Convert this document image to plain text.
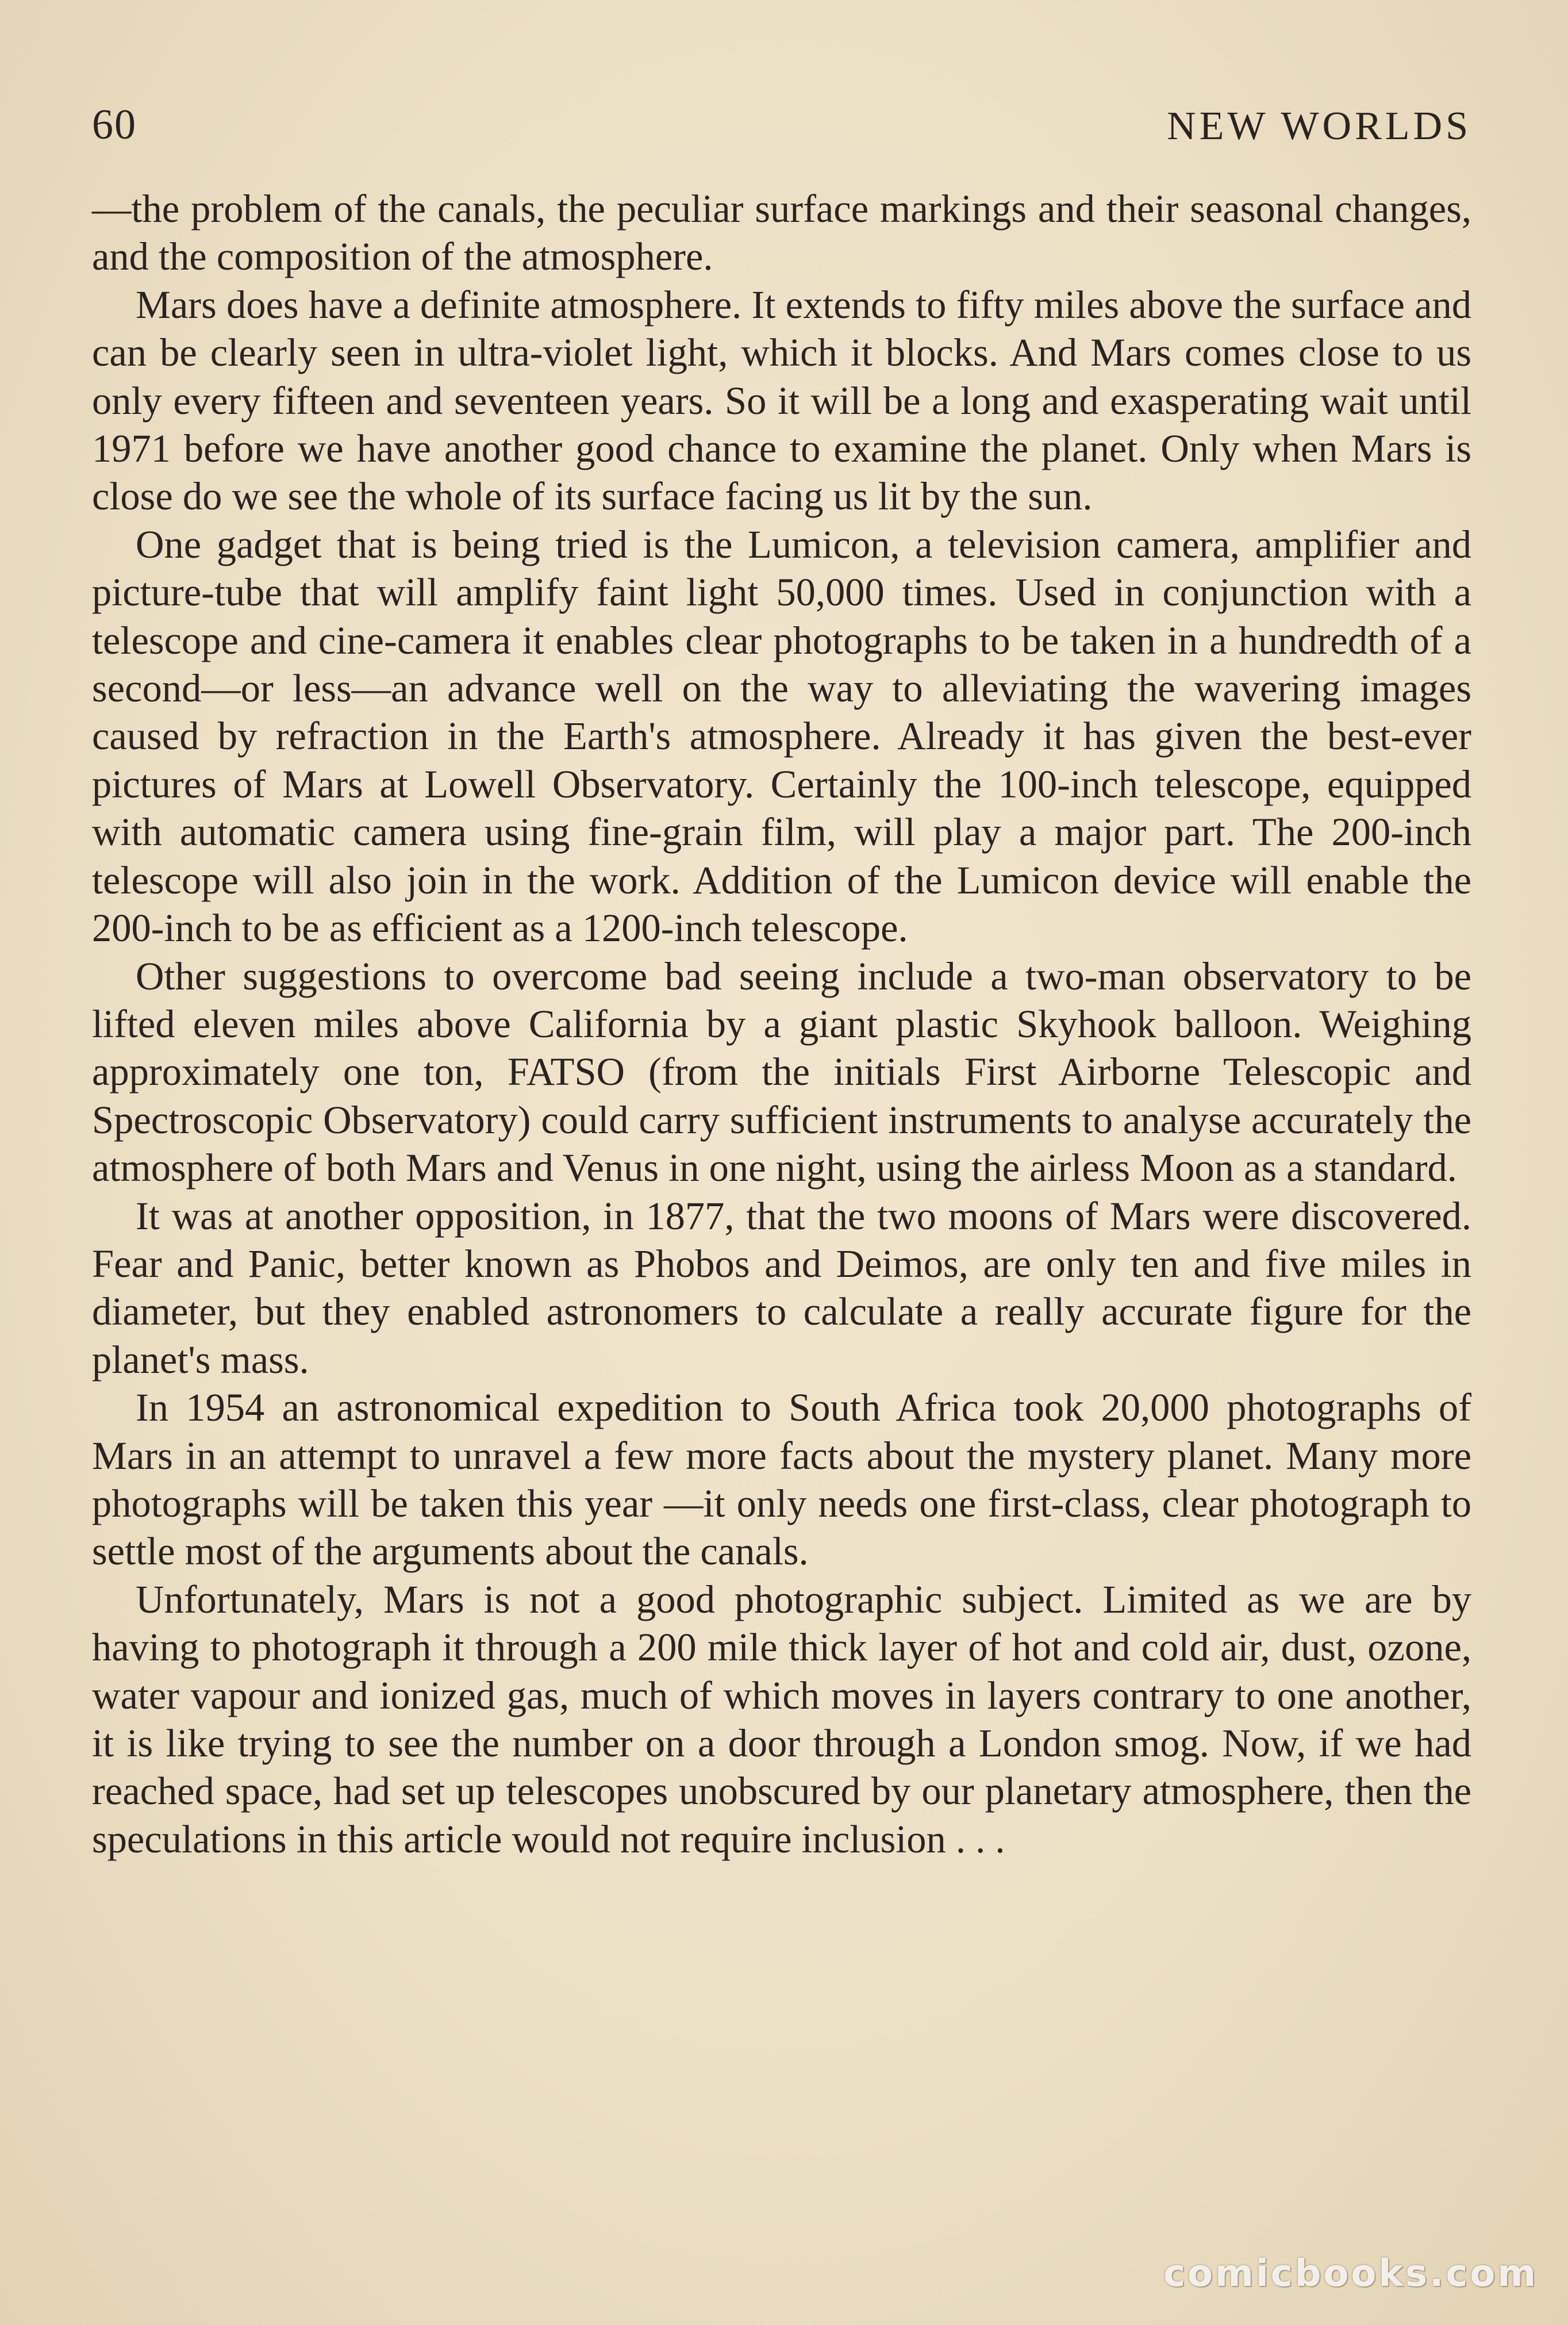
60	NEW WORLDS

—the problem of the canals, the peculiar surface markings and their seasonal changes, and the composition of the atmosphere.

Mars does have a definite atmosphere. It extends to fifty miles above the surface and can be clearly seen in ultra-violet light, which it blocks. And Mars comes close to us only every fifteen and seventeen years. So it will be a long and exasperating wait until 1971 before we have another good chance to examine the planet. Only when Mars is close do we see the whole of its surface facing us lit by the sun.

One gadget that is being tried is the Lumicon, a television camera, amplifier and picture-tube that will amplify faint light 50,000 times. Used in conjunction with a telescope and cine-camera it enables clear photographs to be taken in a hundredth of a second—or less—an advance well on the way to alleviating the wavering images caused by refraction in the Earth's atmosphere. Already it has given the best-ever pictures of Mars at Lowell Observatory. Certainly the 100-inch telescope, equipped with automatic camera using fine-grain film, will play a major part. The 200-inch telescope will also join in the work. Addition of the Lumicon device will enable the 200-inch to be as efficient as a 1200-inch telescope.

Other suggestions to overcome bad seeing include a two-man observatory to be lifted eleven miles above California by a giant plastic Skyhook balloon. Weighing approximately one ton, FATSO (from the initials First Airborne Telescopic and Spectroscopic Observatory) could carry sufficient instruments to analyse accurately the atmosphere of both Mars and Venus in one night, using the airless Moon as a standard.

It was at another opposition, in 1877, that the two moons of Mars were discovered. Fear and Panic, better known as Phobos and Deimos, are only ten and five miles in diameter, but they enabled astronomers to calculate a really accurate figure for the planet's mass.

In 1954 an astronomical expedition to South Africa took 20,000 photographs of Mars in an attempt to unravel a few more facts about the mystery planet. Many more photographs will be taken this year —it only needs one first-class, clear photograph to settle most of the arguments about the canals.

Unfortunately, Mars is not a good photographic subject. Limited as we are by having to photograph it through a 200 mile thick layer of hot and cold air, dust, ozone, water vapour and ionized gas, much of which moves in layers contrary to one another, it is like trying to see the number on a door through a London smog. Now, if we had reached space, had set up telescopes unobscured by our planetary atmosphere, then the speculations in this article would not require inclusion . . .

comicbooks.com
